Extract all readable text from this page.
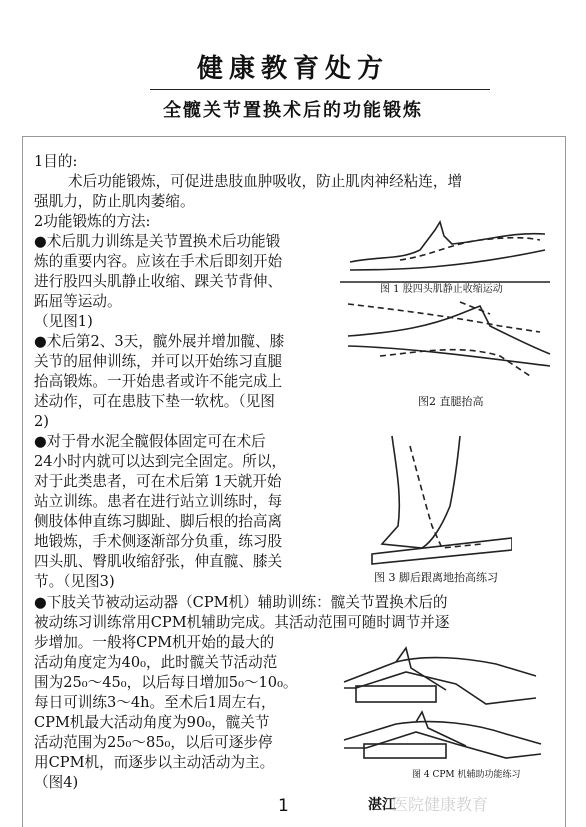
健康教育处方
全髋关节置换术后的功能锻炼
1目的:
术后功能锻炼，可促进患肢血肿吸收，防止肌肉神经粘连，增
强肌力，防止肌肉萎缩。
2功能锻炼的方法:
●术后肌力训练是关节置换术后功能锻
炼的重要内容。应该在手术后即刻开始
进行股四头肌静止收缩、踝关节背伸、
跖屈等运动。
（见图1)
图 1 股四头肌静止收缩运动
●术后第2、3天，髋外展并增加髋、膝
关节的屈伸训练，并可以开始练习直腿
抬高锻炼。一开始患者或许不能完成上
述动作，可在患肢下垫一软枕。（见图
2)
图2 直腿抬高
●对于骨水泥全髋假体固定可在术后
24小时内就可以达到完全固定。所以，
对于此类患者，可在术后第 1天就开始
站立训练。患者在进行站立训练时，每
侧肢体伸直练习脚趾、脚后根的抬高离
地锻炼，手术侧逐渐部分负重，练习股
四头肌、臀肌收缩舒张，伸直髋、膝关
节。（见图3)	图 3 脚后跟离地抬高练习
●下肢关节被动运动器（CPM机）辅助训练：髋关节置换术后的
被动练习训练常用CPM机辅助完成。其活动范围可随时调节并逐
步增加。一般将CPM机开始的最大的
活动角度定为40₀，此时髋关节活动范
围为25₀～45₀，以后每日增加5₀～10₀。
每日可训练3～4h。至术后1周左右，
CPM机最大活动角度为90₀，髋关节
活动范围为25₀～85₀，以后可逐步停
用CPM机，而逐步以主动活动为主。
（图4)	图 4 CPM 机辅助功能练习
1	湛江
医院健康教育
